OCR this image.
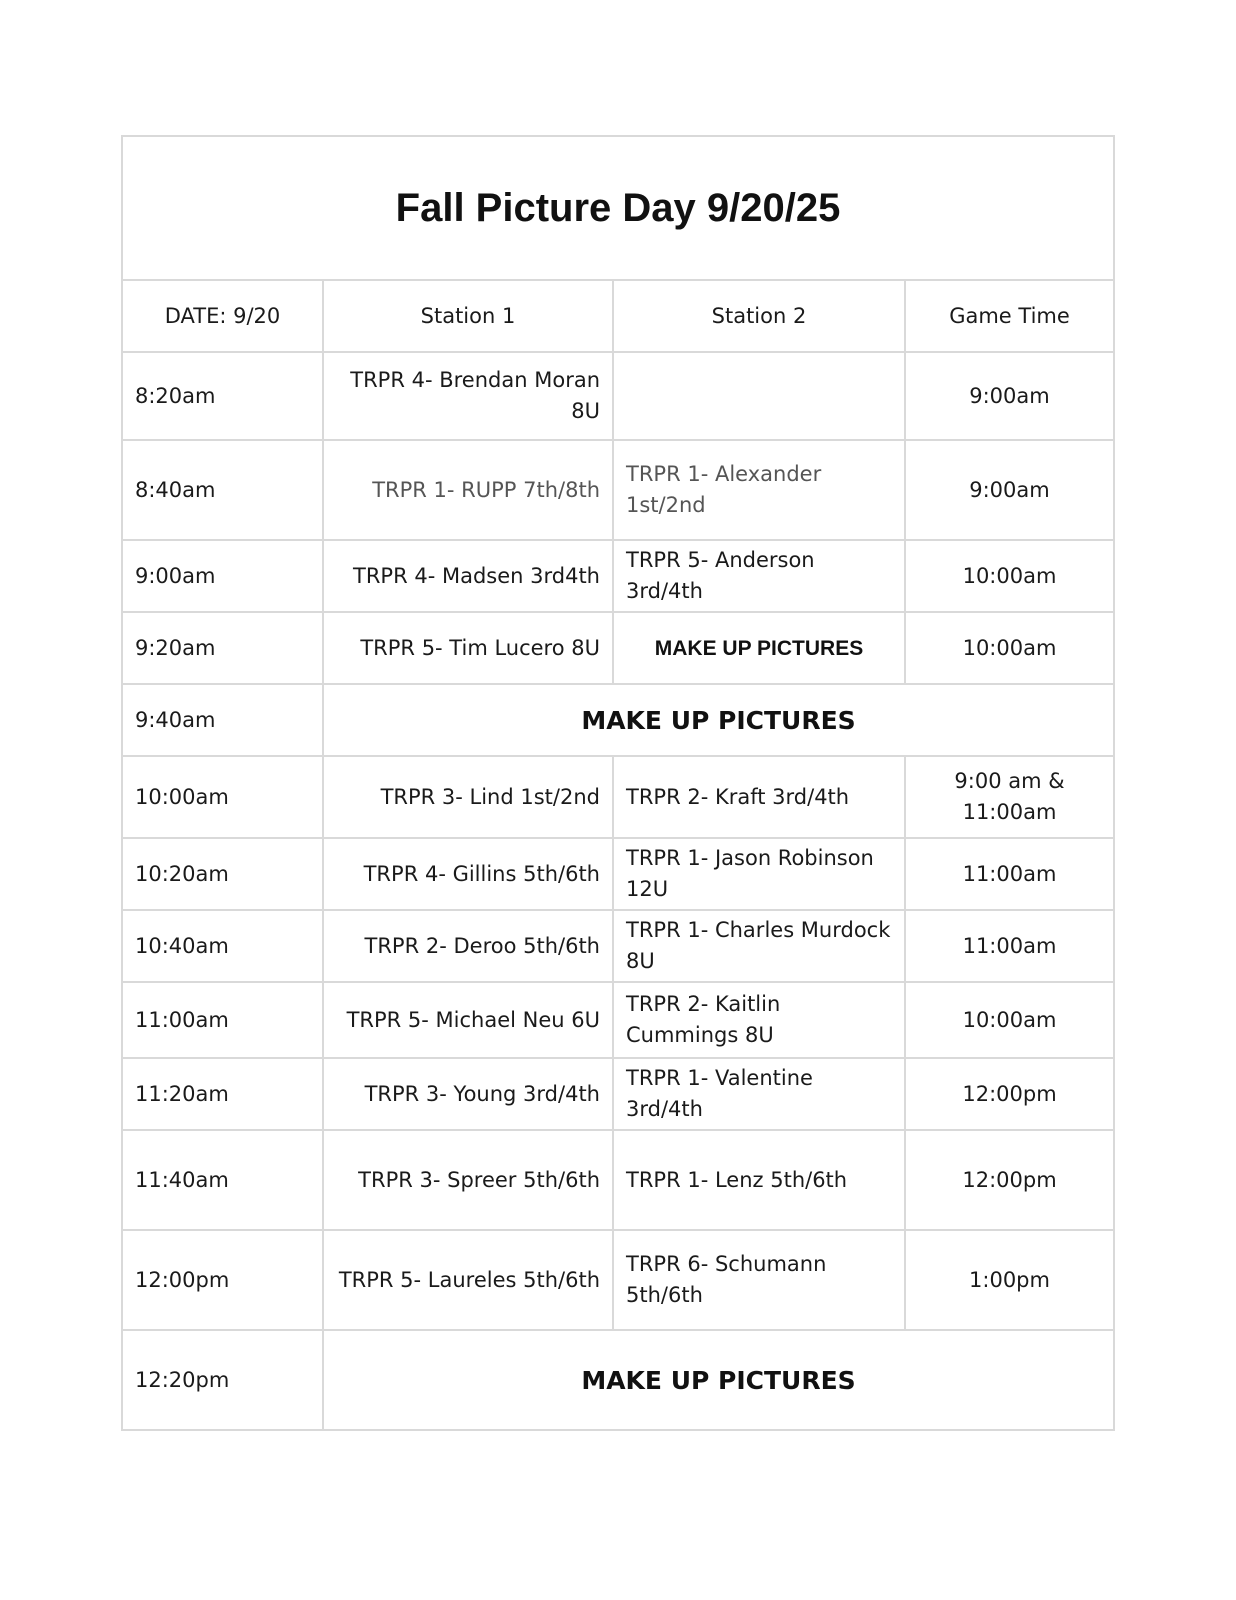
Fall Picture Day 9/20/25			
DATE: 9/20	Station 1	Station 2	Game Time
8:20am	TRPR 4- Brendan Moran 8U		9:00am
8:40am	TRPR 1- RUPP 7th/8th	TRPR 1- Alexander 1st/2nd	9:00am
9:00am	TRPR 4- Madsen 3rd4th	TRPR 5- Anderson 3rd/4th	10:00am
9:20am	TRPR 5- Tim Lucero 8U	MAKE UP PICTURES	10:00am
9:40am	MAKE UP PICTURES		
10:00am	TRPR 3- Lind 1st/2nd	TRPR 2- Kraft 3rd/4th	9:00 am & 11:00am
10:20am	TRPR 4- Gillins 5th/6th	TRPR 1- Jason Robinson 12U	11:00am
10:40am	TRPR 2- Deroo 5th/6th	TRPR 1- Charles Murdock 8U	11:00am
11:00am	TRPR 5- Michael Neu 6U	TRPR 2- Kaitlin Cummings 8U	10:00am
11:20am	TRPR 3- Young 3rd/4th	TRPR 1- Valentine 3rd/4th	12:00pm
11:40am	TRPR 3- Spreer 5th/6th	TRPR 1- Lenz 5th/6th	12:00pm
12:00pm	TRPR 5- Laureles 5th/6th	TRPR 6- Schumann 5th/6th	1:00pm
12:20pm	MAKE UP PICTURES		
